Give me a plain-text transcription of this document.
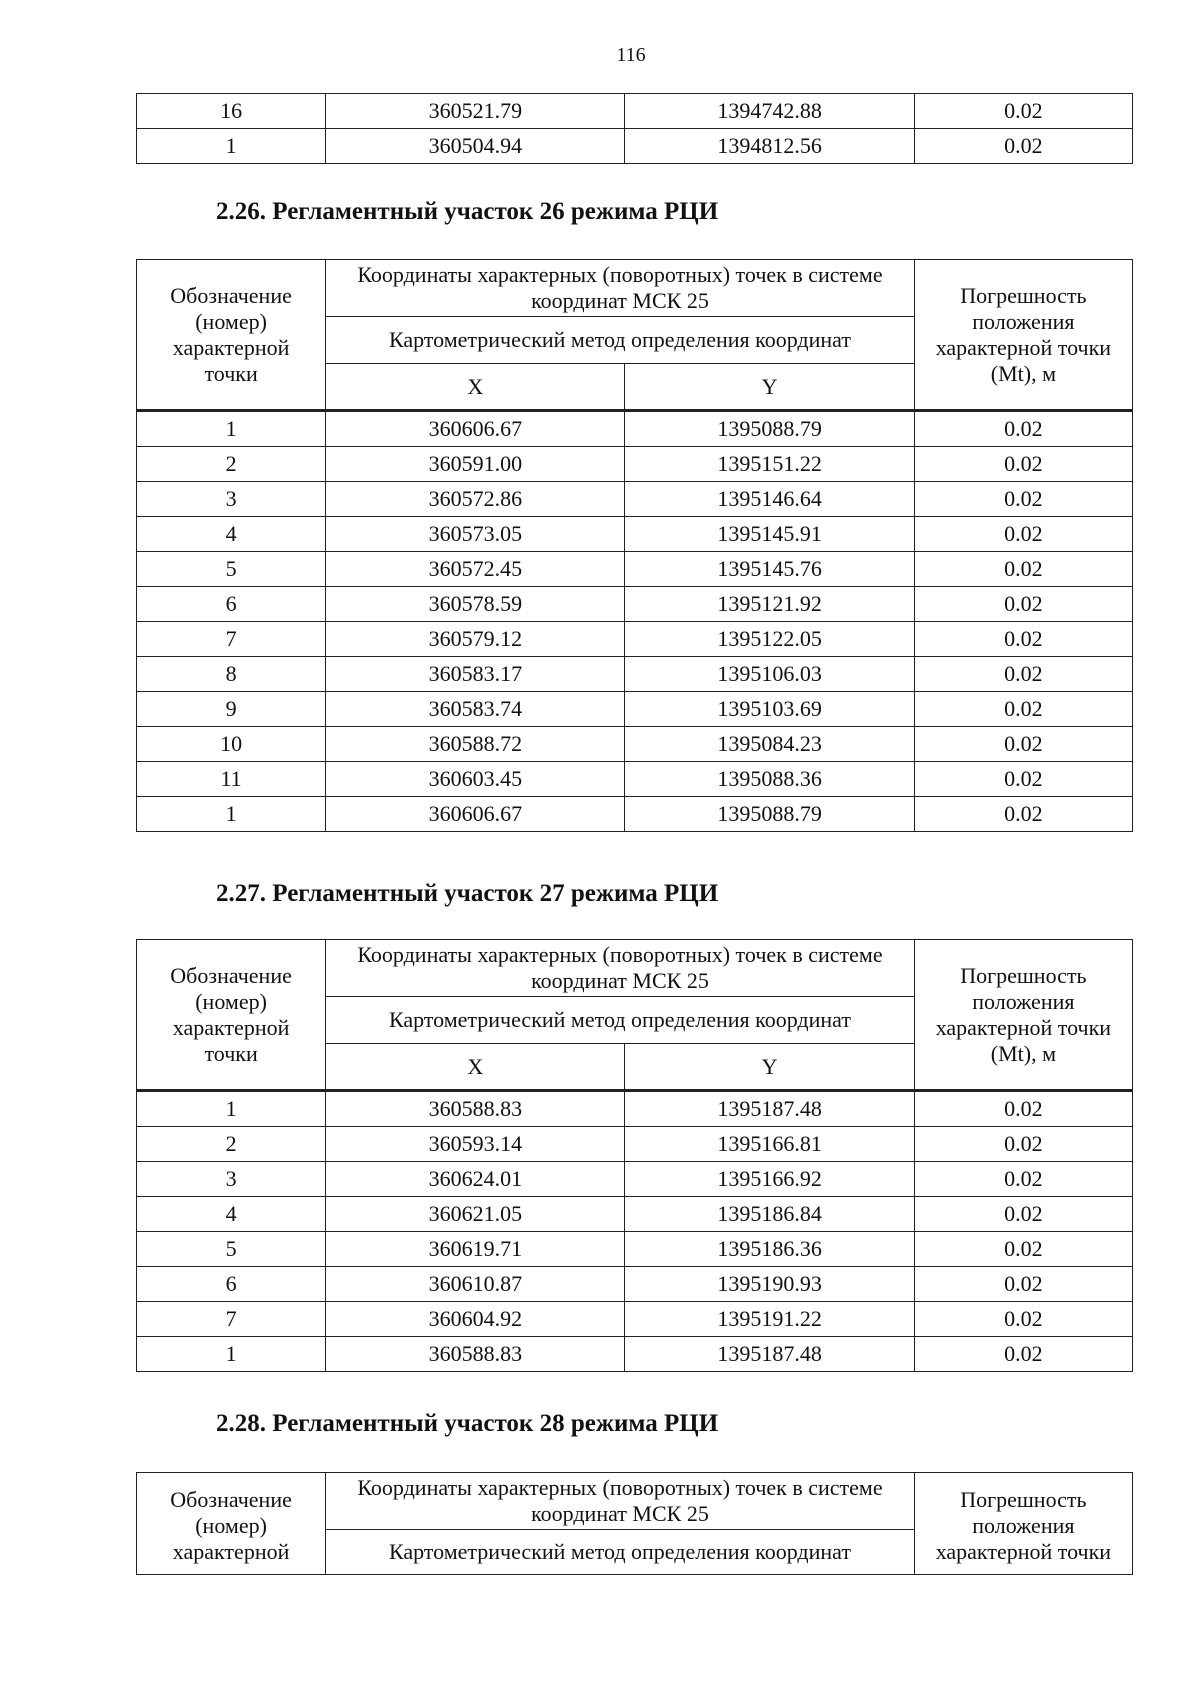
116
16	360521.79	1394742.88	0.02
1	360504.94	1394812.56	0.02
2.26. Регламентный участок 26 режима РЦИ
Обозначение (номер) характерной точки	Координаты характерных (поворотных) точек в системе координат МСК 25		Погрешность положения характерной точки (Mt), м
	Картометрический метод определения координат		
	X	Y	
1	360606.67	1395088.79	0.02
2	360591.00	1395151.22	0.02
3	360572.86	1395146.64	0.02
4	360573.05	1395145.91	0.02
5	360572.45	1395145.76	0.02
6	360578.59	1395121.92	0.02
7	360579.12	1395122.05	0.02
8	360583.17	1395106.03	0.02
9	360583.74	1395103.69	0.02
10	360588.72	1395084.23	0.02
11	360603.45	1395088.36	0.02
1	360606.67	1395088.79	0.02
2.27. Регламентный участок 27 режима РЦИ
Обозначение (номер) характерной точки	Координаты характерных (поворотных) точек в системе координат МСК 25		Погрешность положения характерной точки (Mt), м
	Картометрический метод определения координат		
	X	Y	
1	360588.83	1395187.48	0.02
2	360593.14	1395166.81	0.02
3	360624.01	1395166.92	0.02
4	360621.05	1395186.84	0.02
5	360619.71	1395186.36	0.02
6	360610.87	1395190.93	0.02
7	360604.92	1395191.22	0.02
1	360588.83	1395187.48	0.02
2.28. Регламентный участок 28 режима РЦИ
Обозначение (номер) характерной	Координаты характерных (поворотных) точек в системе координат МСК 25	Погрешность положения характерной точки
Картометрический метод определения координат
